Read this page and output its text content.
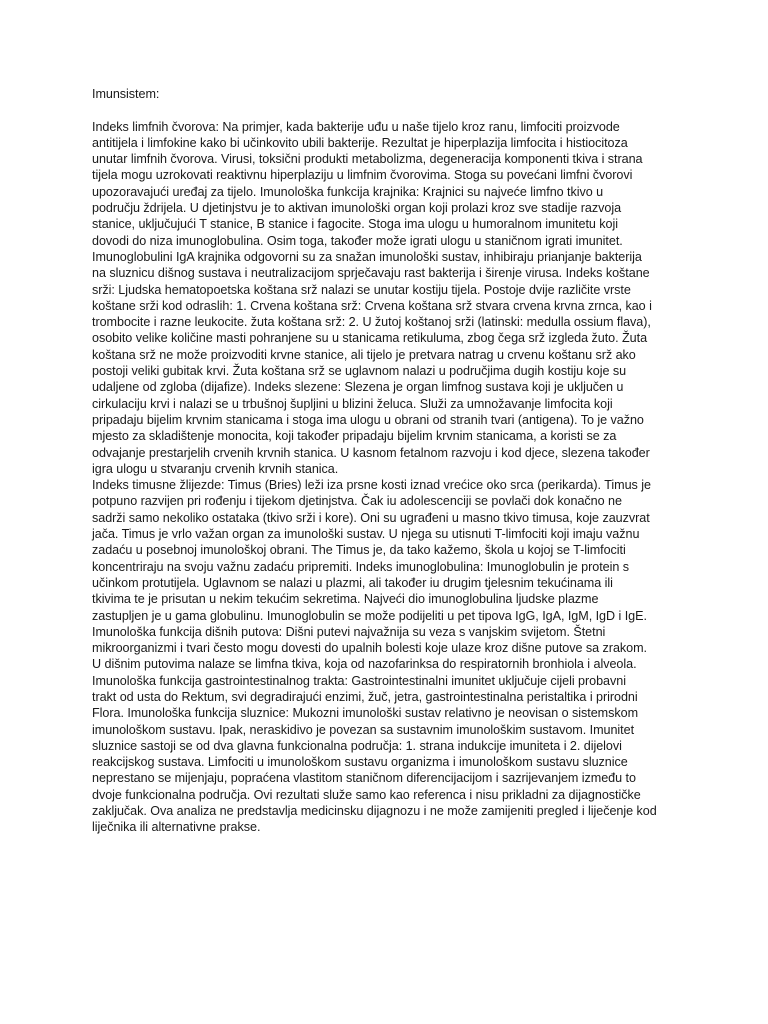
Imunsistem:

Indeks limfnih čvorova: Na primjer, kada bakterije uđu u naše tijelo kroz ranu, limfociti proizvode
antitijela i limfokine kako bi učinkovito ubili bakterije. Rezultat je hiperplazija limfocita i histiocitoza
unutar limfnih čvorova. Virusi, toksični produkti metabolizma, degeneracija komponenti tkiva i strana
tijela mogu uzrokovati reaktivnu hiperplaziju u limfnim čvorovima. Stoga su povećani limfni čvorovi
upozoravajući uređaj za tijelo. Imunološka funkcija krajnika: Krajnici su najveće limfno tkivo u
području ždrijela. U djetinjstvu je to aktivan imunološki organ koji prolazi kroz sve stadije razvoja
stanice, uključujući T stanice, B stanice i fagocite. Stoga ima ulogu u humoralnom imunitetu koji
dovodi do niza imunoglobulina. Osim toga, također može igrati ulogu u staničnom igrati imunitet.
Imunoglobulini IgA krajnika odgovorni su za snažan imunološki sustav, inhibiraju prianjanje bakterija
na sluznicu dišnog sustava i neutralizacijom sprječavaju rast bakterija i širenje virusa. Indeks koštane
srži: Ljudska hematopoetska koštana srž nalazi se unutar kostiju tijela. Postoje dvije različite vrste
koštane srži kod odraslih: 1. Crvena koštana srž: Crvena koštana srž stvara crvena krvna zrnca, kao i
trombocite i razne leukocite. žuta koštana srž: 2. U žutoj koštanoj srži (latinski: medulla ossium flava),
osobito velike količine masti pohranjene su u stanicama retikuluma, zbog čega srž izgleda žuto. Žuta
koštana srž ne može proizvoditi krvne stanice, ali tijelo je pretvara natrag u crvenu koštanu srž ako
postoji veliki gubitak krvi. Žuta koštana srž se uglavnom nalazi u područjima dugih kostiju koje su
udaljene od zgloba (dijafize). Indeks slezene: Slezena je organ limfnog sustava koji je uključen u
cirkulaciju krvi i nalazi se u trbušnoj šupljini u blizini želuca. Služi za umnožavanje limfocita koji
pripadaju bijelim krvnim stanicama i stoga ima ulogu u obrani od stranih tvari (antigena). To je važno
mjesto za skladištenje monocita, koji također pripadaju bijelim krvnim stanicama, a koristi se za
odvajanje prestarjelih crvenih krvnih stanica. U kasnom fetalnom razvoju i kod djece, slezena također
igra ulogu u stvaranju crvenih krvnih stanica.

Indeks timusne žlijezde: Timus (Bries) leži iza prsne kosti iznad vrećice oko srca (perikarda). Timus je
potpuno razvijen pri rođenju i tijekom djetinjstva. Čak iu adolescenciji se povlači dok konačno ne
sadrži samo nekoliko ostataka (tkivo srži i kore). Oni su ugrađeni u masno tkivo timusa, koje zauzvrat
jača. Timus je vrlo važan organ za imunološki sustav. U njega su utisnuti T-limfociti koji imaju važnu
zadaću u posebnoj imunološkoj obrani. The Timus je, da tako kažemo, škola u kojoj se T-limfociti
koncentriraju na svoju važnu zadaću pripremiti. Indeks imunoglobulina: Imunoglobulin je protein s
učinkom protutijela. Uglavnom se nalazi u plazmi, ali također iu drugim tjelesnim tekućinama ili
tkivima te je prisutan u nekim tekućim sekretima. Najveći dio imunoglobulina ljudske plazme
zastupljen je u gama globulinu. Imunoglobulin se može podijeliti u pet tipova IgG, IgA, IgM, IgD i IgE.
Imunološka funkcija dišnih putova: Dišni putevi najvažnija su veza s vanjskim svijetom. Štetni
mikroorganizmi i tvari često mogu dovesti do upalnih bolesti koje ulaze kroz dišne putove sa zrakom.
U dišnim putovima nalaze se limfna tkiva, koja od nazofarinksa do respiratornih bronhiola i alveola.
Imunološka funkcija gastrointestinalnog trakta: Gastrointestinalni imunitet uključuje cijeli probavni
trakt od usta do Rektum, svi degradirajući enzimi, žuč, jetra, gastrointestinalna peristaltika i prirodni
Flora. Imunološka funkcija sluznice: Mukozni imunološki sustav relativno je neovisan o sistemskom
imunološkom sustavu. Ipak, neraskidivo je povezan sa sustavnim imunološkim sustavom. Imunitet
sluznice sastoji se od dva glavna funkcionalna područja: 1. strana indukcije imuniteta i 2. dijelovi
reakcijskog sustava. Limfociti u imunološkom sustavu organizma i imunološkom sustavu sluznice
neprestano se mijenjaju, popraćena vlastitom staničnom diferencijacijom i sazrijevanjem između to
dvoje funkcionalna područja. Ovi rezultati služe samo kao referenca i nisu prikladni za dijagnostičke
zaključak. Ova analiza ne predstavlja medicinsku dijagnozu i ne može zamijeniti pregled i liječenje kod
liječnika ili alternativne prakse.
